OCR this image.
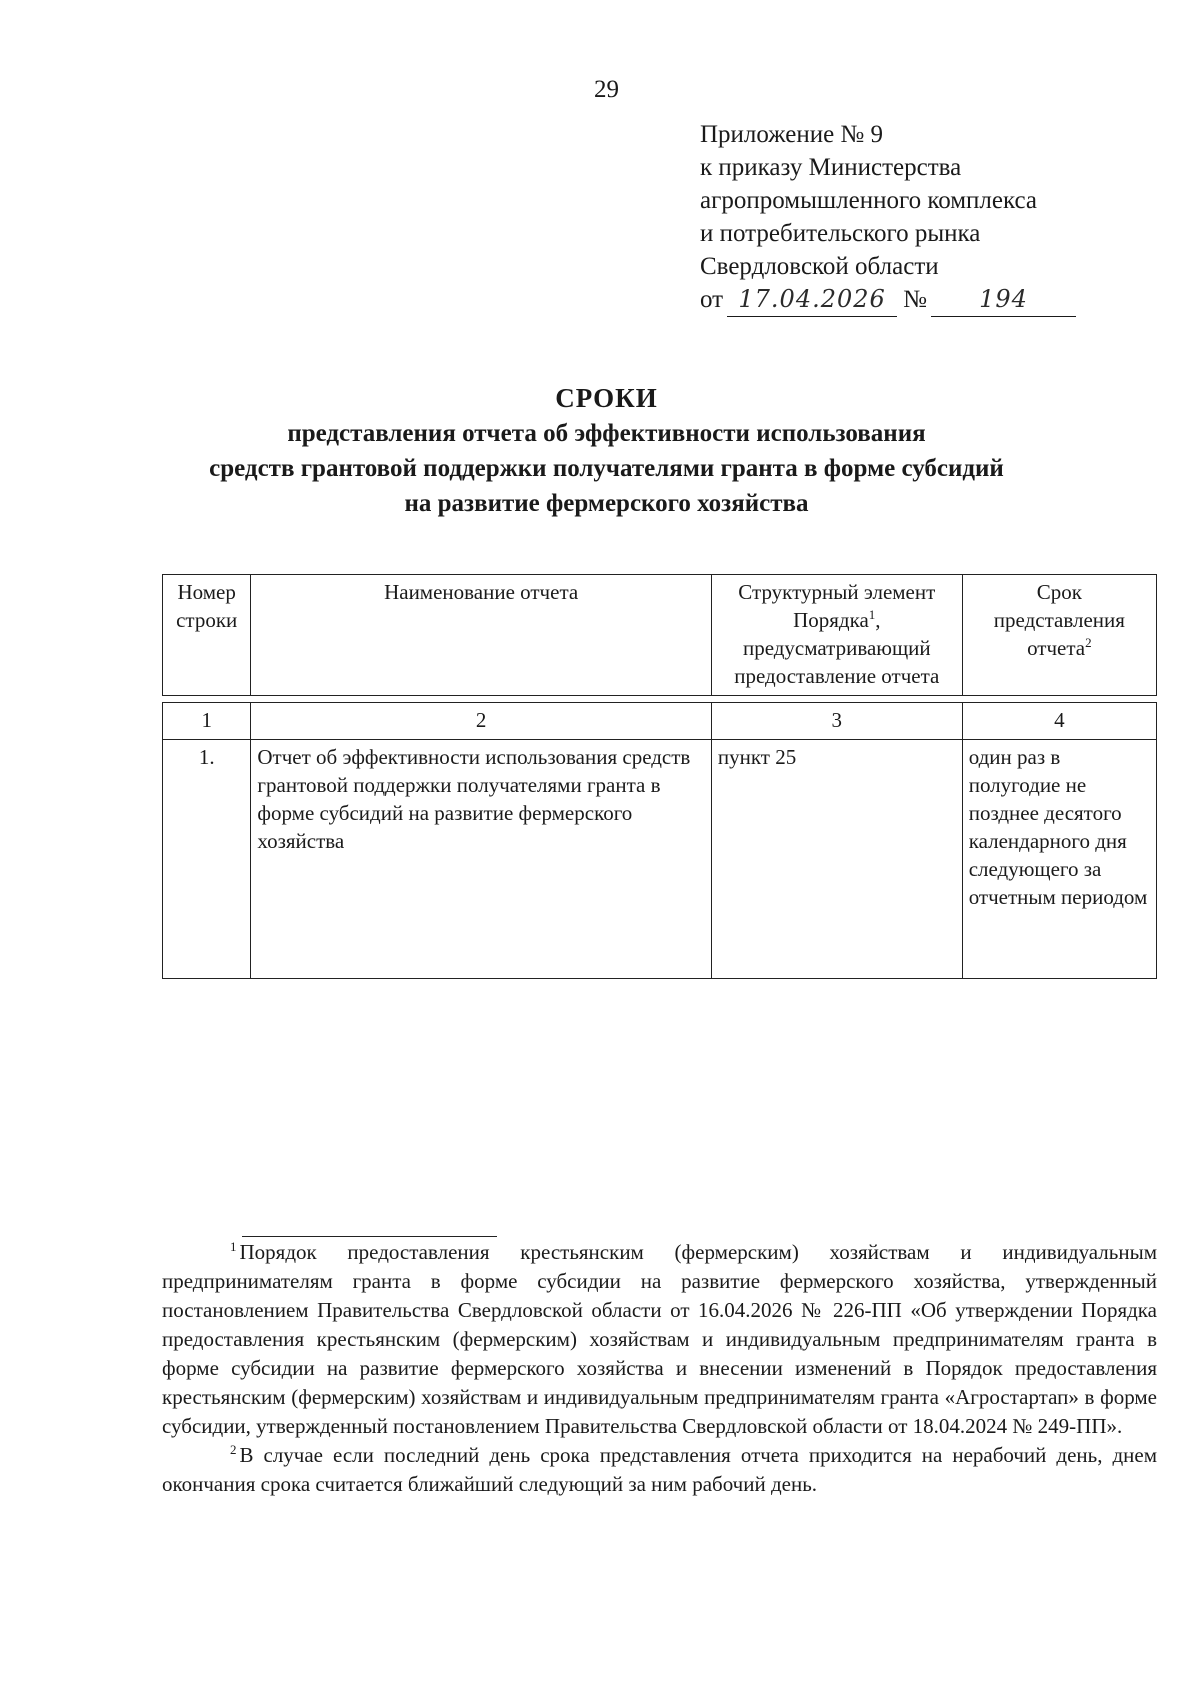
29
Приложение № 9
к приказу Министерства
агропромышленного комплекса
и потребительского рынка
Свердловской области
от 17.04.2026 № 194
СРОКИ
представления отчета об эффективности использования
средств грантовой поддержки получателями гранта в форме субсидий
на развитие фермерского хозяйства
Номер строки	Наименование отчета	Структурный элемент Порядка$^1$, предусматривающий предоставление отчета	Срок представления отчета$^2$

1	2	3	4
1.	Отчет об эффективности использования средств грантовой поддержки получателями гранта в форме субсидий на развитие фермерского хозяйства	пункт 25	один раз в полугодие не позднее десятого календарного дня следующего за отчетным периодом

$^1$ Порядок предоставления крестьянским (фермерским) хозяйствам и индивидуальным предпринимателям гранта в форме субсидии на развитие фермерского хозяйства, утвержденный постановлением Правительства Свердловской области от 16.04.2026 № 226-ПП «Об утверждении Порядка предоставления крестьянским (фермерским) хозяйствам и индивидуальным предпринимателям гранта в форме субсидии на развитие фермерского хозяйства и внесении изменений в Порядок предоставления крестьянским (фермерским) хозяйствам и индивидуальным предпринимателям гранта «Агростартап» в форме субсидии, утвержденный постановлением Правительства Свердловской области от 18.04.2024 № 249-ПП».

$^2$ В случае если последний день срока представления отчета приходится на нерабочий день, днем окончания срока считается ближайший следующий за ним рабочий день.
